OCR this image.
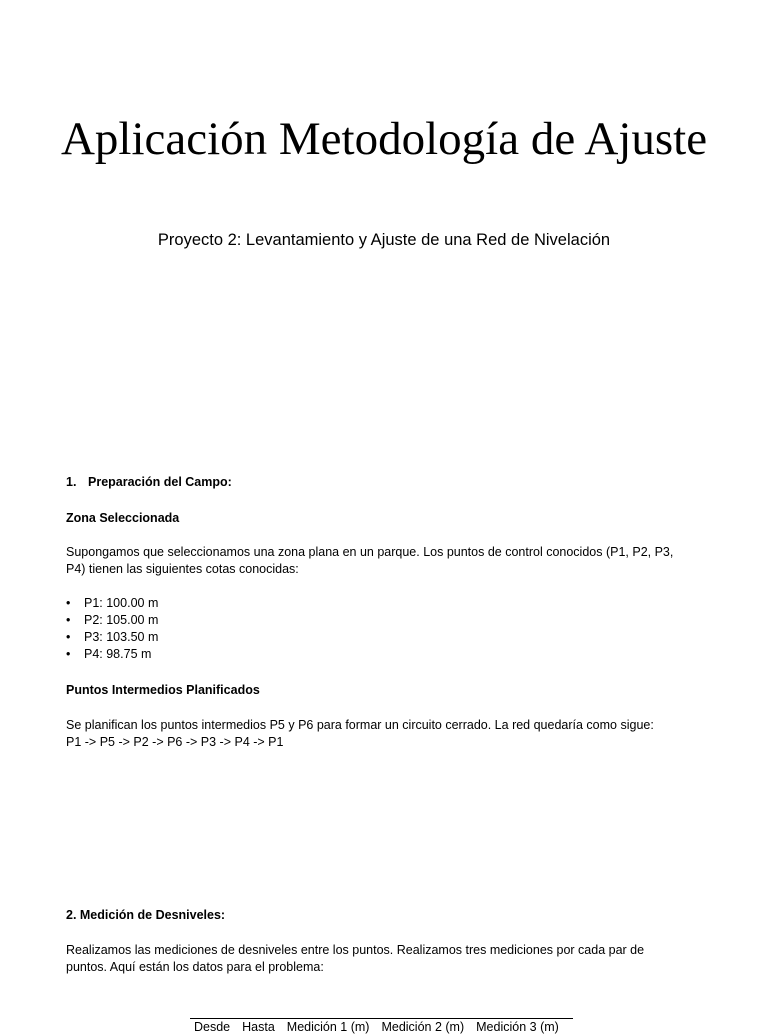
Aplicación Metodología de Ajuste

Proyecto 2: Levantamiento y Ajuste de una Red de Nivelación

1. Preparación del Campo:

Zona Seleccionada

Supongamos que seleccionamos una zona plana en un parque. Los puntos de control conocidos (P1, P2, P3,

P4) tienen las siguientes cotas conocidas:

• P1: 100.00 m
• P2: 105.00 m
• P3: 103.50 m
• P4: 98.75 m

Puntos Intermedios Planificados

Se planifican los puntos intermedios P5 y P6 para formar un circuito cerrado. La red quedaría como sigue:

P1 -> P5 -> P2 -> P6 -> P3 -> P4 -> P1

2. Medición de Desniveles:

Realizamos las mediciones de desniveles entre los puntos. Realizamos tres mediciones por cada par de

puntos. Aquí están los datos para el problema:

Desde Hasta Medición 1 (m) Medición 2 (m) Medición 3 (m)
